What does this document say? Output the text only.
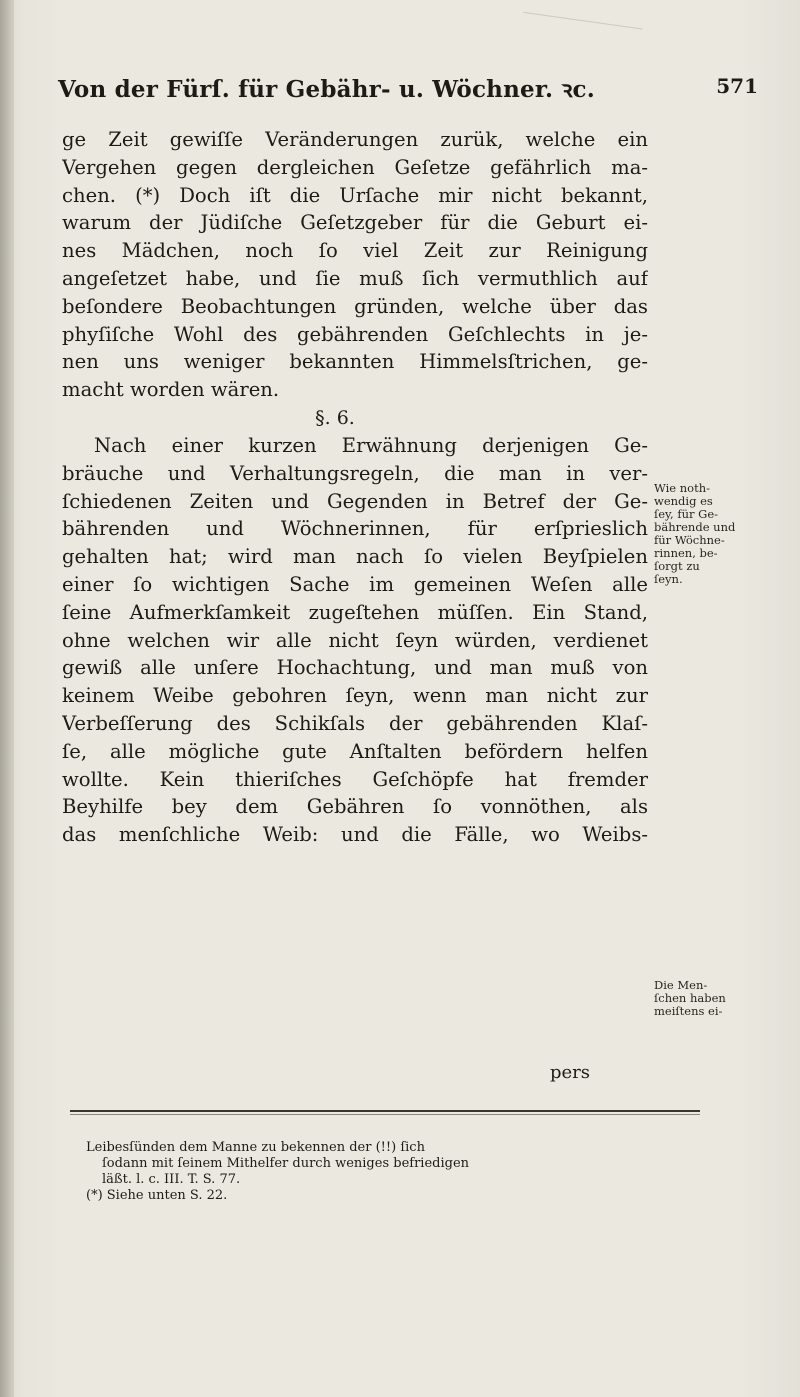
Von der Fürſ. für Gebähr- u. Wöchner. ꝛc.	571
ge Zeit gewiſſe Veränderungen zurük, welche ein
Vergehen gegen dergleichen Geſetze gefährlich ma-
chen. (*) Doch iſt die Urſache mir nicht bekannt,
warum der Jüdiſche Geſetzgeber für die Geburt ei-
nes Mädchen, noch ſo viel Zeit zur Reinigung
angeſetzet habe, und ſie muß ſich vermuthlich auf
beſondere Beobachtungen gründen, welche über das
phyſiſche Wohl des gebährenden Geſchlechts in je-
nen uns weniger bekannten Himmelsſtrichen, ge-
macht worden wären.
§. 6.
Nach einer kurzen Erwähnung derjenigen Ge-
bräuche und Verhaltungsregeln, die man in ver-
ſchiedenen Zeiten und Gegenden in Betref der Ge-
bährenden und Wöchnerinnen, für erſprieslich
gehalten hat; wird man nach ſo vielen Beyſpielen
einer ſo wichtigen Sache im gemeinen Weſen alle
ſeine Aufmerkſamkeit zugeſtehen müſſen. Ein Stand,
ohne welchen wir alle nicht ſeyn würden, verdienet
gewiß alle unſere Hochachtung, und man muß von
keinem Weibe gebohren ſeyn, wenn man nicht zur
Verbeſſerung des Schikſals der gebährenden Klaſ-
ſe, alle mögliche gute Anſtalten befördern helfen
wollte. Kein thieriſches Geſchöpfe hat fremder
Beyhilfe bey dem Gebähren ſo vonnöthen, als
das menſchliche Weib: und die Fälle, wo Weibs-
pers
Wie noth-
wendig es
ſey, für Ge-
bährende und
für Wöchne-
rinnen, be-
ſorgt zu
ſeyn.
Die Men-
ſchen haben
meiſtens ei-
Leibesſünden dem Manne zu bekennen der (!!) ſich
ſodann mit ſeinem Mithelfer durch weniges befriedigen
läßt. l. c. III. T. S. 77.
(*) Siehe unten S. 22.
